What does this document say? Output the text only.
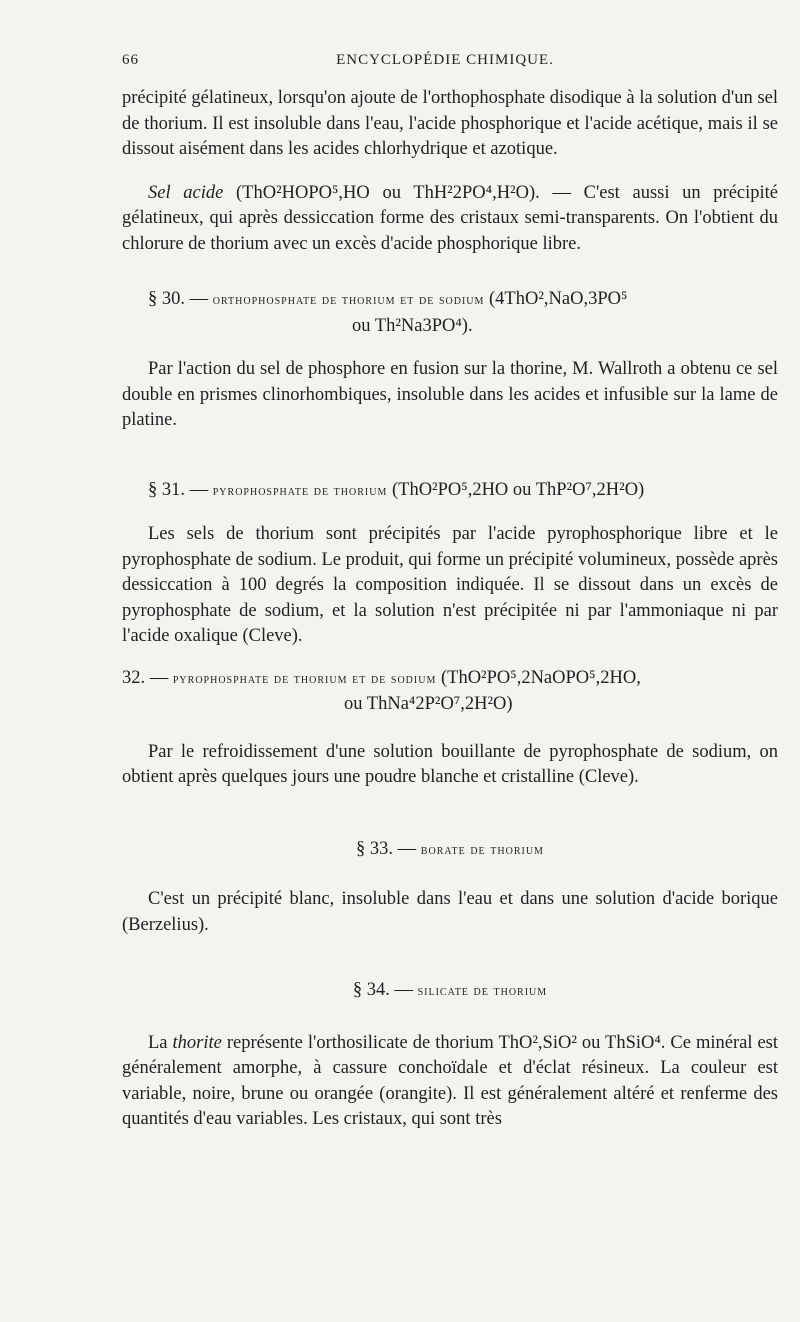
66	ENCYCLOPÉDIE CHIMIQUE.

précipité gélatineux, lorsqu'on ajoute de l'orthophosphate disodique à la solution d'un sel de thorium. Il est insoluble dans l'eau, l'acide phosphorique et l'acide acétique, mais il se dissout aisément dans les acides chlorhydrique et azotique.

Sel acide (ThO²HOPO⁵,HO ou ThH²2PO⁴,H²O). — C'est aussi un précipité gélatineux, qui après dessiccation forme des cristaux semi-transparents. On l'obtient du chlorure de thorium avec un excès d'acide phosphorique libre.

§ 30. — orthophosphate de thorium et de sodium (4ThO²,NaO,3PO⁵
ou Th²Na3PO⁴).

Par l'action du sel de phosphore en fusion sur la thorine, M. Wallroth a obtenu ce sel double en prismes clinorhombiques, insoluble dans les acides et infusible sur la lame de platine.

§ 31. — pyrophosphate de thorium (ThO²PO⁵,2HO ou ThP²O⁷,2H²O)

Les sels de thorium sont précipités par l'acide pyrophosphorique libre et le pyrophosphate de sodium. Le produit, qui forme un précipité volumineux, possède après dessiccation à 100 degrés la composition indiquée. Il se dissout dans un excès de pyrophosphate de sodium, et la solution n'est précipitée ni par l'ammoniaque ni par l'acide oxalique (Cleve).

32. — pyrophosphate de thorium et de sodium (ThO²PO⁵,2NaOPO⁵,2HO,
ou ThNa⁴2P²O⁷,2H²O)

Par le refroidissement d'une solution bouillante de pyrophosphate de sodium, on obtient après quelques jours une poudre blanche et cristalline (Cleve).

§ 33. — borate de thorium

C'est un précipité blanc, insoluble dans l'eau et dans une solution d'acide borique (Berzelius).

§ 34. — silicate de thorium

La thorite représente l'orthosilicate de thorium ThO²,SiO² ou ThSiO⁴. Ce minéral est généralement amorphe, à cassure conchoïdale et d'éclat résineux. La couleur est variable, noire, brune ou orangée (orangite). Il est généralement altéré et renferme des quantités d'eau variables. Les cristaux, qui sont très
